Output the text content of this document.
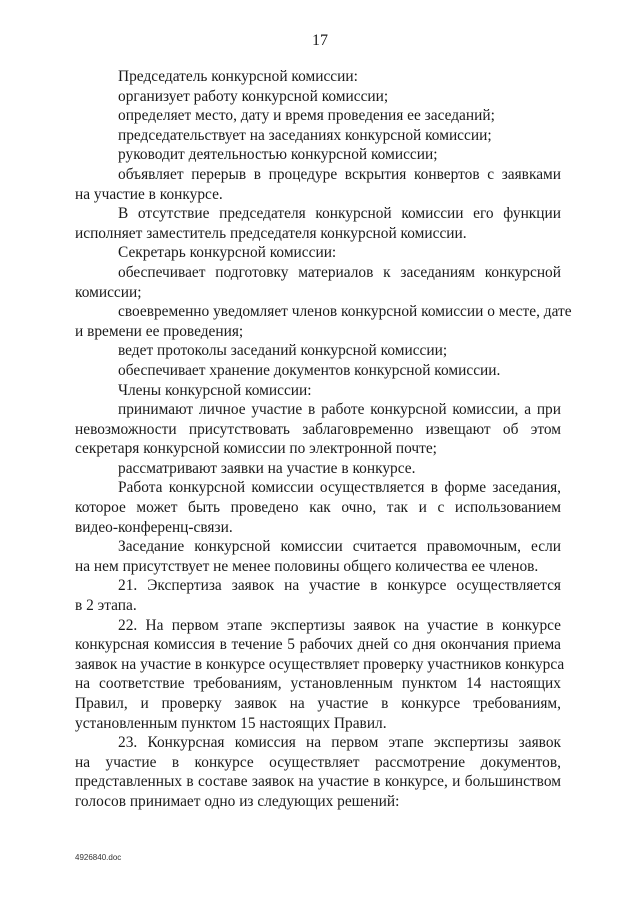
17
Председатель конкурсной комиссии:
организует работу конкурсной комиссии;
определяет место, дату и время проведения ее заседаний;
председательствует на заседаниях конкурсной комиссии;
руководит деятельностью конкурсной комиссии;
объявляет перерыв в процедуре вскрытия конвертов с заявками
на участие в конкурсе.
В отсутствие председателя конкурсной комиссии его функции
исполняет заместитель председателя конкурсной комиссии.
Секретарь конкурсной комиссии:
обеспечивает подготовку материалов к заседаниям конкурсной
комиссии;
своевременно уведомляет членов конкурсной комиссии о месте, дате
и времени ее проведения;
ведет протоколы заседаний конкурсной комиссии;
обеспечивает хранение документов конкурсной комиссии.
Члены конкурсной комиссии:
принимают личное участие в работе конкурсной комиссии, а при
невозможности присутствовать заблаговременно извещают об этом
секретаря конкурсной комиссии по электронной почте;
рассматривают заявки на участие в конкурсе.
Работа конкурсной комиссии осуществляется в форме заседания,
которое может быть проведено как очно, так и с использованием
видео-конференц-связи.
Заседание конкурсной комиссии считается правомочным, если
на нем присутствует не менее половины общего количества ее членов.
21. Экспертиза заявок на участие в конкурсе осуществляется
в 2 этапа.
22. На первом этапе экспертизы заявок на участие в конкурсе
конкурсная комиссия в течение 5 рабочих дней со дня окончания приема
заявок на участие в конкурсе осуществляет проверку участников конкурса
на соответствие требованиям, установленным пунктом 14 настоящих
Правил, и проверку заявок на участие в конкурсе требованиям,
установленным пунктом 15 настоящих Правил.
23. Конкурсная комиссия на первом этапе экспертизы заявок
на участие в конкурсе осуществляет рассмотрение документов,
представленных в составе заявок на участие в конкурсе, и большинством
голосов принимает одно из следующих решений:
4926840.doc
